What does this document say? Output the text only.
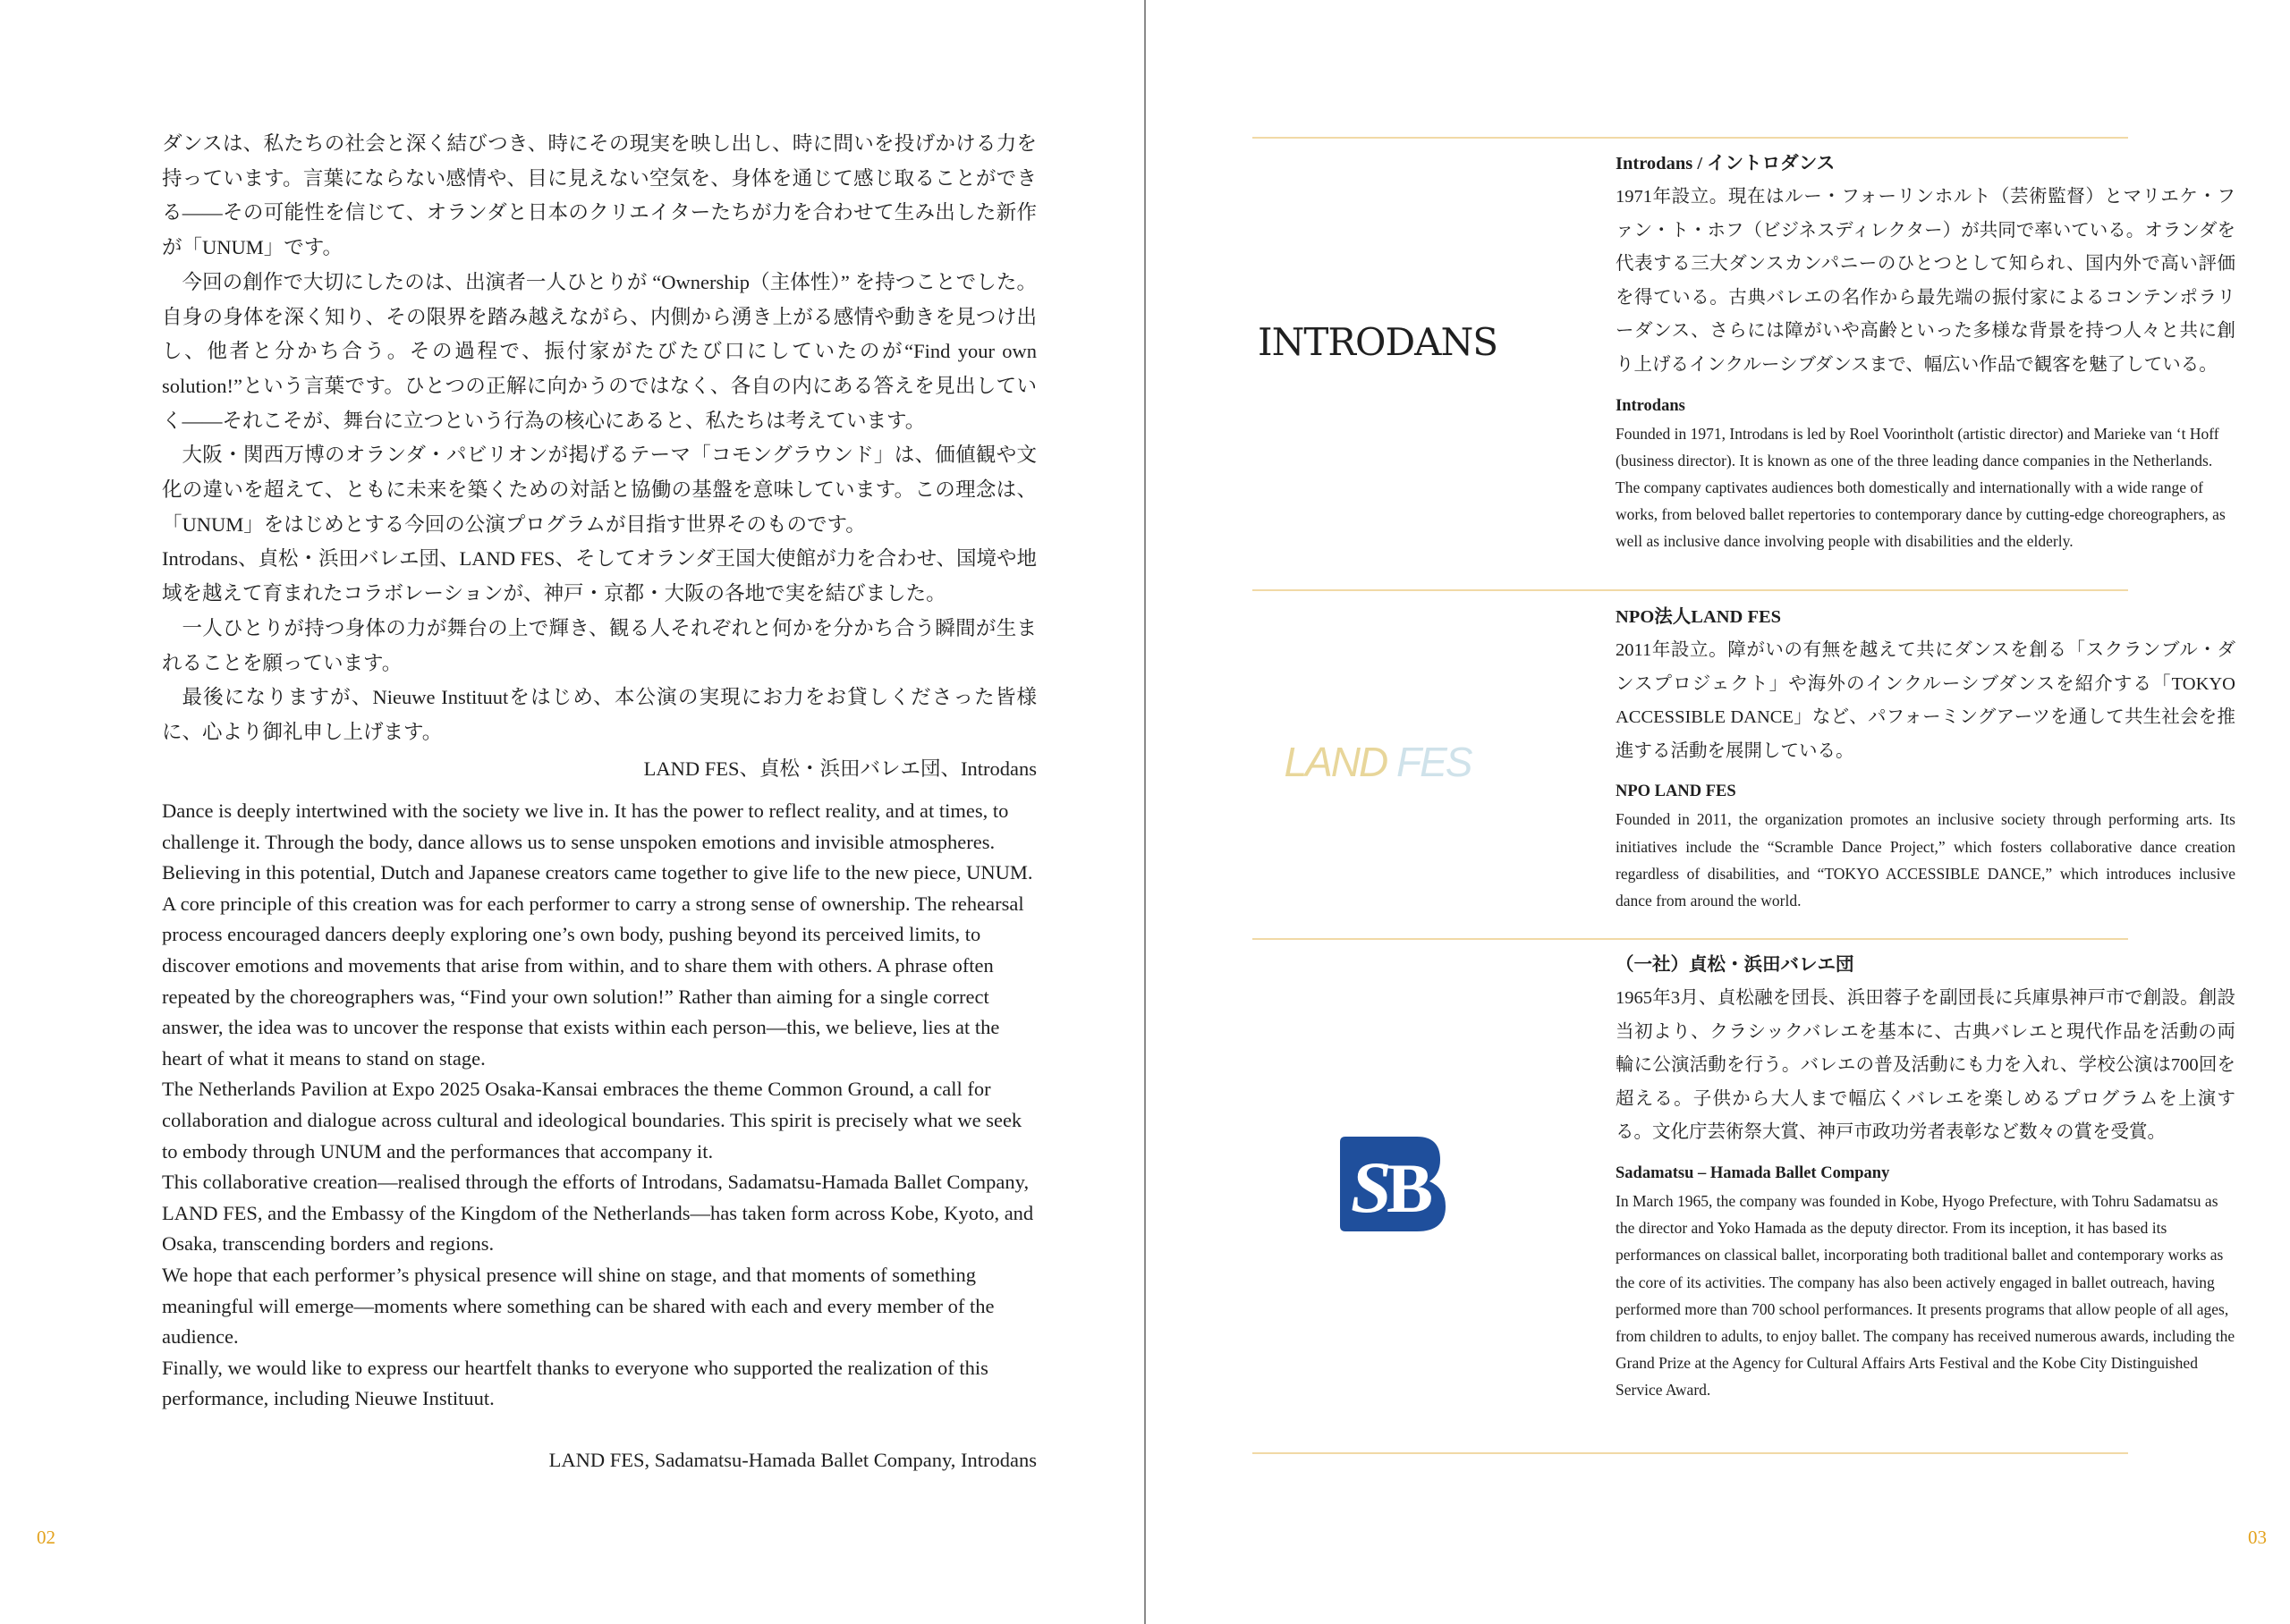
ダンスは、私たちの社会と深く結びつき、時にその現実を映し出し、時に問いを投げかける力を持っています。言葉にならない感情や、目に見えない空気を、身体を通じて感じ取ることができる——その可能性を信じて、オランダと日本のクリエイターたちが力を合わせて生み出した新作が「UNUM」です。

今回の創作で大切にしたのは、出演者一人ひとりが “Ownership（主体性）” を持つことでした。自身の身体を深く知り、その限界を踏み越えながら、内側から湧き上がる感情や動きを見つけ出し、他者と分かち合う。その過程で、振付家がたびたび口にしていたのが“Find your own solution!”という言葉です。ひとつの正解に向かうのではなく、各自の内にある答えを見出していく——それこそが、舞台に立つという行為の核心にあると、私たちは考えています。

大阪・関西万博のオランダ・パビリオンが掲げるテーマ「コモングラウンド」は、価値観や文化の違いを超えて、ともに未来を築くための対話と協働の基盤を意味しています。この理念は、「UNUM」をはじめとする今回の公演プログラムが目指す世界そのものです。

Introdans、貞松・浜田バレエ団、LAND FES、そしてオランダ王国大使館が力を合わせ、国境や地域を越えて育まれたコラボレーションが、神戸・京都・大阪の各地で実を結びました。

一人ひとりが持つ身体の力が舞台の上で輝き、観る人それぞれと何かを分かち合う瞬間が生まれることを願っています。

最後になりますが、Nieuwe Instituutをはじめ、本公演の実現にお力をお貸しくださった皆様に、心より御礼申し上げます。

LAND FES、貞松・浜田バレエ団、Introdans

Dance is deeply intertwined with the society we live in. It has the power to reflect reality, and at times, to challenge it. Through the body, dance allows us to sense unspoken emotions and invisible atmospheres. Believing in this potential, Dutch and Japanese creators came together to give life to the new piece, UNUM.

A core principle of this creation was for each performer to carry a strong sense of ownership. The rehearsal process encouraged dancers deeply exploring one’s own body, pushing beyond its perceived limits, to discover emotions and movements that arise from within, and to share them with others. A phrase often repeated by the choreographers was, “Find your own solution!” Rather than aiming for a single correct answer, the idea was to uncover the response that exists within each person—this, we believe, lies at the heart of what it means to stand on stage.

The Netherlands Pavilion at Expo 2025 Osaka-Kansai embraces the theme Common Ground, a call for collaboration and dialogue across cultural and ideological boundaries. This spirit is precisely what we seek to embody through UNUM and the performances that accompany it.

This collaborative creation—realised through the efforts of Introdans, Sadamatsu-Hamada Ballet Company, LAND FES, and the Embassy of the Kingdom of the Netherlands—has taken form across Kobe, Kyoto, and Osaka, transcending borders and regions.

We hope that each performer’s physical presence will shine on stage, and that moments of something meaningful will emerge—moments where something can be shared with each and every member of the audience.

Finally, we would like to express our heartfelt thanks to everyone who supported the realization of this performance, including Nieuwe Instituut.

LAND FES, Sadamatsu-Hamada Ballet Company, Introdans

02
INTRODANS

Introdans / イントロダンス

1971年設立。現在はルー・フォーリンホルト（芸術監督）とマリエケ・ファン・ト・ホフ（ビジネスディレクター）が共同で率いている。オランダを代表する三大ダンスカンパニーのひとつとして知られ、国内外で高い評価を得ている。古典バレエの名作から最先端の振付家によるコンテンポラリーダンス、さらには障がいや高齢といった多様な背景を持つ人々と共に創り上げるインクルーシブダンスまで、幅広い作品で観客を魅了している。

Introdans

Founded in 1971, Introdans is led by Roel Voorintholt (artistic director) and Marieke van ‘t Hoff (business director). It is known as one of the three leading dance companies in the Netherlands. The company captivates audiences both domestically and internationally with a wide range of works, from beloved ballet repertories to contemporary dance by cutting-edge choreographers, as well as inclusive dance involving people with disabilities and the elderly.

LAND FES

NPO法人LAND FES

2011年設立。障がいの有無を越えて共にダンスを創る「スクランブル・ダンスプロジェクト」や海外のインクルーシブダンスを紹介する「TOKYO ACCESSIBLE DANCE」など、パフォーミングアーツを通して共生社会を推進する活動を展開している。

NPO LAND FES

Founded in 2011, the organization promotes an inclusive society through performing arts. Its initiatives include the “Scramble Dance Project,” which fosters collaborative dance creation regardless of disabilities, and “TOKYO ACCESSIBLE DANCE,” which introduces inclusive dance from around the world.

S
B

（一社）貞松・浜田バレエ団

1965年3月、貞松融を団長、浜田蓉子を副団長に兵庫県神戸市で創設。創設当初より、クラシックバレエを基本に、古典バレエと現代作品を活動の両輪に公演活動を行う。バレエの普及活動にも力を入れ、学校公演は700回を超える。子供から大人まで幅広くバレエを楽しめるプログラムを上演する。文化庁芸術祭大賞、神戸市政功労者表彰など数々の賞を受賞。

Sadamatsu – Hamada Ballet Company

In March 1965, the company was founded in Kobe, Hyogo Prefecture, with Tohru Sadamatsu as the director and Yoko Hamada as the deputy director. From its inception, it has based its performances on classical ballet, incorporating both traditional ballet and contemporary works as the core of its activities. The company has also been actively engaged in ballet outreach, having performed more than 700 school performances. It presents programs that allow people of all ages, from children to adults, to enjoy ballet. The company has received numerous awards, including the Grand Prize at the Agency for Cultural Affairs Arts Festival and the Kobe City Distinguished Service Award.

03
